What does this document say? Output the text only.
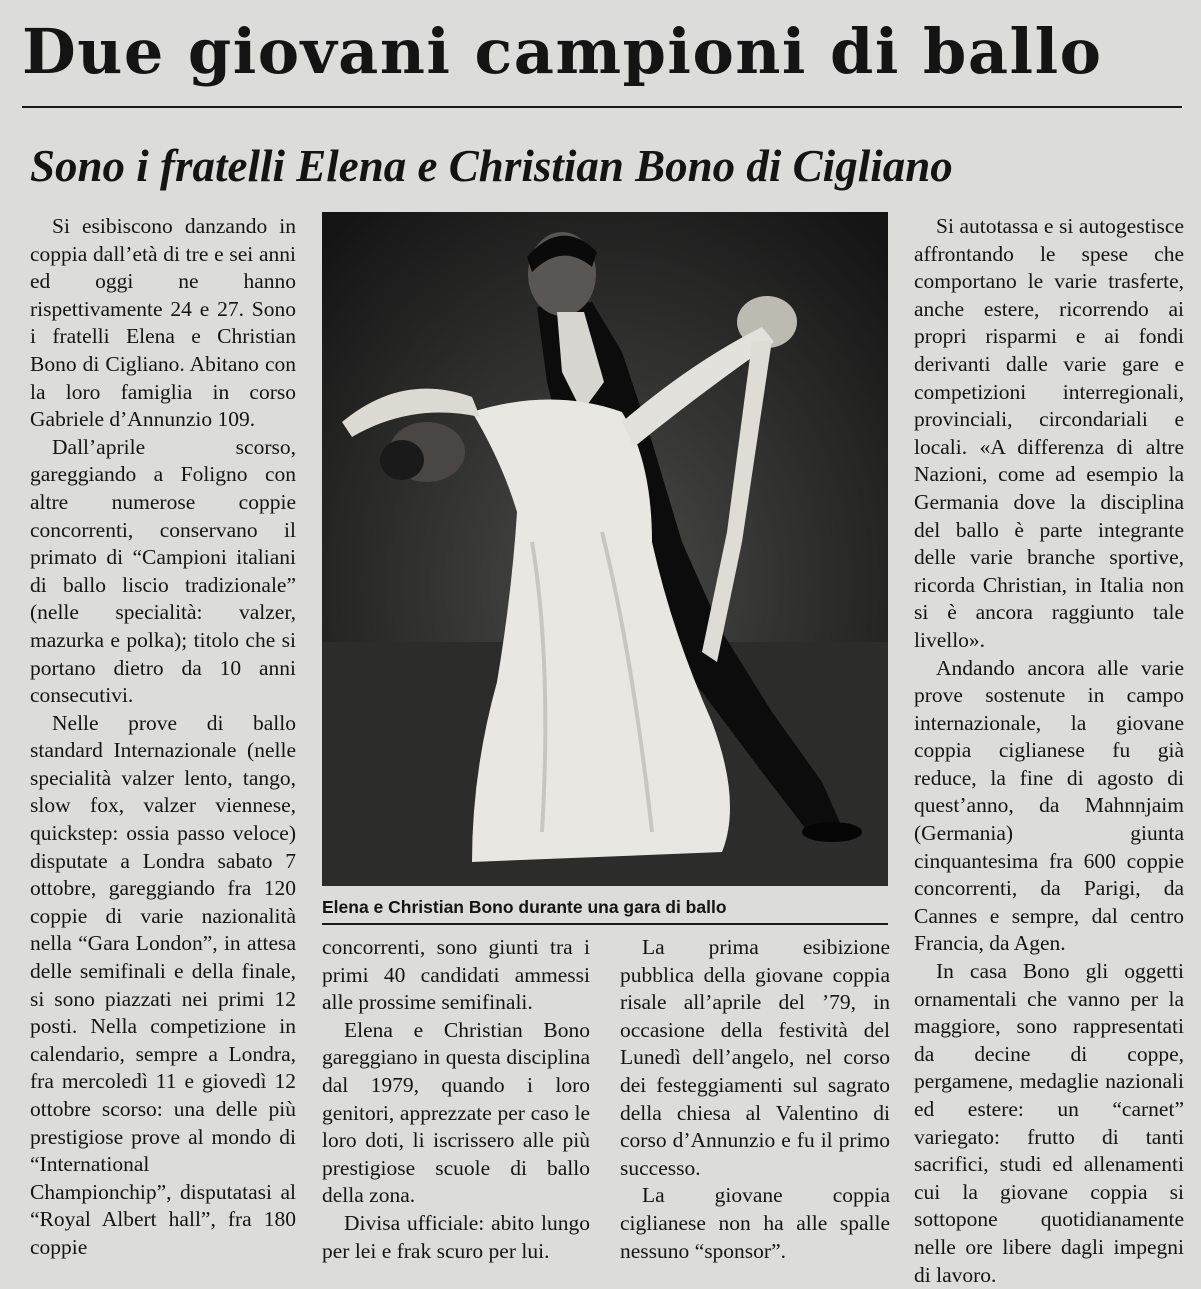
Due giovani campioni di ballo
Sono i fratelli Elena e Christian Bono di Cigliano

Si esibiscono danzando in coppia dall’età di tre e sei anni ed oggi ne hanno rispettivamente 24 e 27. Sono i fratelli Elena e Christian Bono di Cigliano. Abitano con la loro famiglia in corso Gabriele d’Annunzio 109.

Dall’aprile scorso, gareggiando a Foligno con altre numerose coppie concorrenti, conservano il primato di “Campioni italiani di ballo liscio tradizionale” (nelle specialità: valzer, mazurka e polka); titolo che si portano dietro da 10 anni consecutivi.

Nelle prove di ballo standard Internazionale (nelle specialità valzer lento, tango, slow fox, valzer viennese, quickstep: ossia passo veloce) disputate a Londra sabato 7 ottobre, gareggiando fra 120 coppie di varie nazionalità nella “Gara London”, in attesa delle semifinali e della finale, si sono piazzati nei primi 12 posti. Nella competizione in calendario, sempre a Londra, fra mercoledì 11 e giovedì 12 ottobre scorso: una delle più prestigiose prove al mondo di “International Championchip”, disputatasi al “Royal Albert hall”, fra 180 coppie

Elena e Christian Bono durante una gara di ballo

concorrenti, sono giunti tra i primi 40 candidati ammessi alle prossime semifinali.

Elena e Christian Bono gareggiano in questa disciplina dal 1979, quando i loro genitori, apprezzate per caso le loro doti, li iscrissero alle più prestigiose scuole di ballo della zona.

Divisa ufficiale: abito lungo per lei e frak scuro per lui.

La prima esibizione pubblica della giovane coppia risale all’aprile del ’79, in occasione della festività del Lunedì dell’angelo, nel corso dei festeggiamenti sul sagrato della chiesa al Valentino di corso d’Annunzio e fu il primo successo.

La giovane coppia ciglianese non ha alle spalle nessuno “sponsor”.

Si autotassa e si autogestisce affrontando le spese che comportano le varie trasferte, anche estere, ricorrendo ai propri risparmi e ai fondi derivanti dalle varie gare e competizioni interregionali, provinciali, circondariali e locali. «A differenza di altre Nazioni, come ad esempio la Germania dove la disciplina del ballo è parte integrante delle varie branche sportive, ricorda Christian, in Italia non si è ancora raggiunto tale livello».

Andando ancora alle varie prove sostenute in campo internazionale, la giovane coppia ciglianese fu già reduce, la fine di agosto di quest’anno, da Mahnnjaim (Germania) giunta cinquantesima fra 600 coppie concorrenti, da Parigi, da Cannes e sempre, dal centro Francia, da Agen.

In casa Bono gli oggetti ornamentali che vanno per la maggiore, sono rappresentati da decine di coppe, pergamene, medaglie nazionali ed estere: un “carnet” variegato: frutto di tanti sacrifici, studi ed allenamenti cui la giovane coppia si sottopone quotidianamente nelle ore libere dagli impegni di lavoro.
